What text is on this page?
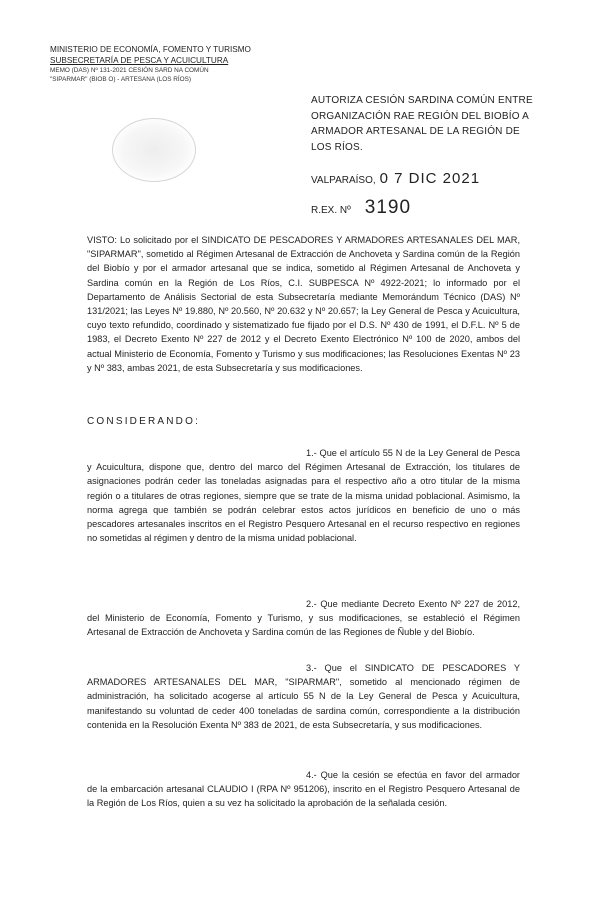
MINISTERIO DE ECONOMÍA, FOMENTO Y TURISMO
SUBSECRETARÍA DE PESCA Y ACUICULTURA
MEMO (DAS) Nº 131-2021 CESIÓN SARD NA COMÚN
"SIPARMAR" (BIOB O) - ARTESANA (LOS RÍOS)
AUTORIZA CESIÓN SARDINA COMÚN ENTRE ORGANIZACIÓN RAE REGIÓN DEL BIOBÍO A ARMADOR ARTESANAL DE LA REGIÓN DE LOS RÍOS.
VALPARAÍSO, 0 7 DIC 2021
R.EX. Nº 3190
VISTO: Lo solicitado por el SINDICATO DE PESCADORES Y ARMADORES ARTESANALES DEL MAR, "SIPARMAR", sometido al Régimen Artesanal de Extracción de Anchoveta y Sardina común de la Región del Biobío y por el armador artesanal que se indica, sometido al Régimen Artesanal de Anchoveta y Sardina común en la Región de Los Ríos, C.I. SUBPESCA Nº 4922-2021; lo informado por el Departamento de Análisis Sectorial de esta Subsecretaría mediante Memorándum Técnico (DAS) Nº 131/2021; las Leyes Nº 19.880, Nº 20.560, Nº 20.632 y Nº 20.657; la Ley General de Pesca y Acuicultura, cuyo texto refundido, coordinado y sistematizado fue fijado por el D.S. Nº 430 de 1991, el D.F.L. Nº 5 de 1983, el Decreto Exento Nº 227 de 2012 y el Decreto Exento Electrónico Nº 100 de 2020, ambos del actual Ministerio de Economía, Fomento y Turismo y sus modificaciones; las Resoluciones Exentas Nº 23 y Nº 383, ambas 2021, de esta Subsecretaría y sus modificaciones.
CONSIDERANDO:
1.- Que el artículo 55 N de la Ley General de Pesca y Acuicultura, dispone que, dentro del marco del Régimen Artesanal de Extracción, los titulares de asignaciones podrán ceder las toneladas asignadas para el respectivo año a otro titular de la misma región o a titulares de otras regiones, siempre que se trate de la misma unidad poblacional. Asimismo, la norma agrega que también se podrán celebrar estos actos jurídicos en beneficio de uno o más pescadores artesanales inscritos en el Registro Pesquero Artesanal en el recurso respectivo en regiones no sometidas al régimen y dentro de la misma unidad poblacional.
2.- Que mediante Decreto Exento Nº 227 de 2012, del Ministerio de Economía, Fomento y Turismo, y sus modificaciones, se estableció el Régimen Artesanal de Extracción de Anchoveta y Sardina común de las Regiones de Ñuble y del Biobío.
3.- Que el SINDICATO DE PESCADORES Y ARMADORES ARTESANALES DEL MAR, "SIPARMAR", sometido al mencionado régimen de administración, ha solicitado acogerse al artículo 55 N de la Ley General de Pesca y Acuicultura, manifestando su voluntad de ceder 400 toneladas de sardina común, correspondiente a la distribución contenida en la Resolución Exenta Nº 383 de 2021, de esta Subsecretaría, y sus modificaciones.
4.- Que la cesión se efectúa en favor del armador de la embarcación artesanal CLAUDIO I (RPA Nº 951206), inscrito en el Registro Pesquero Artesanal de la Región de Los Ríos, quien a su vez ha solicitado la aprobación de la señalada cesión.
